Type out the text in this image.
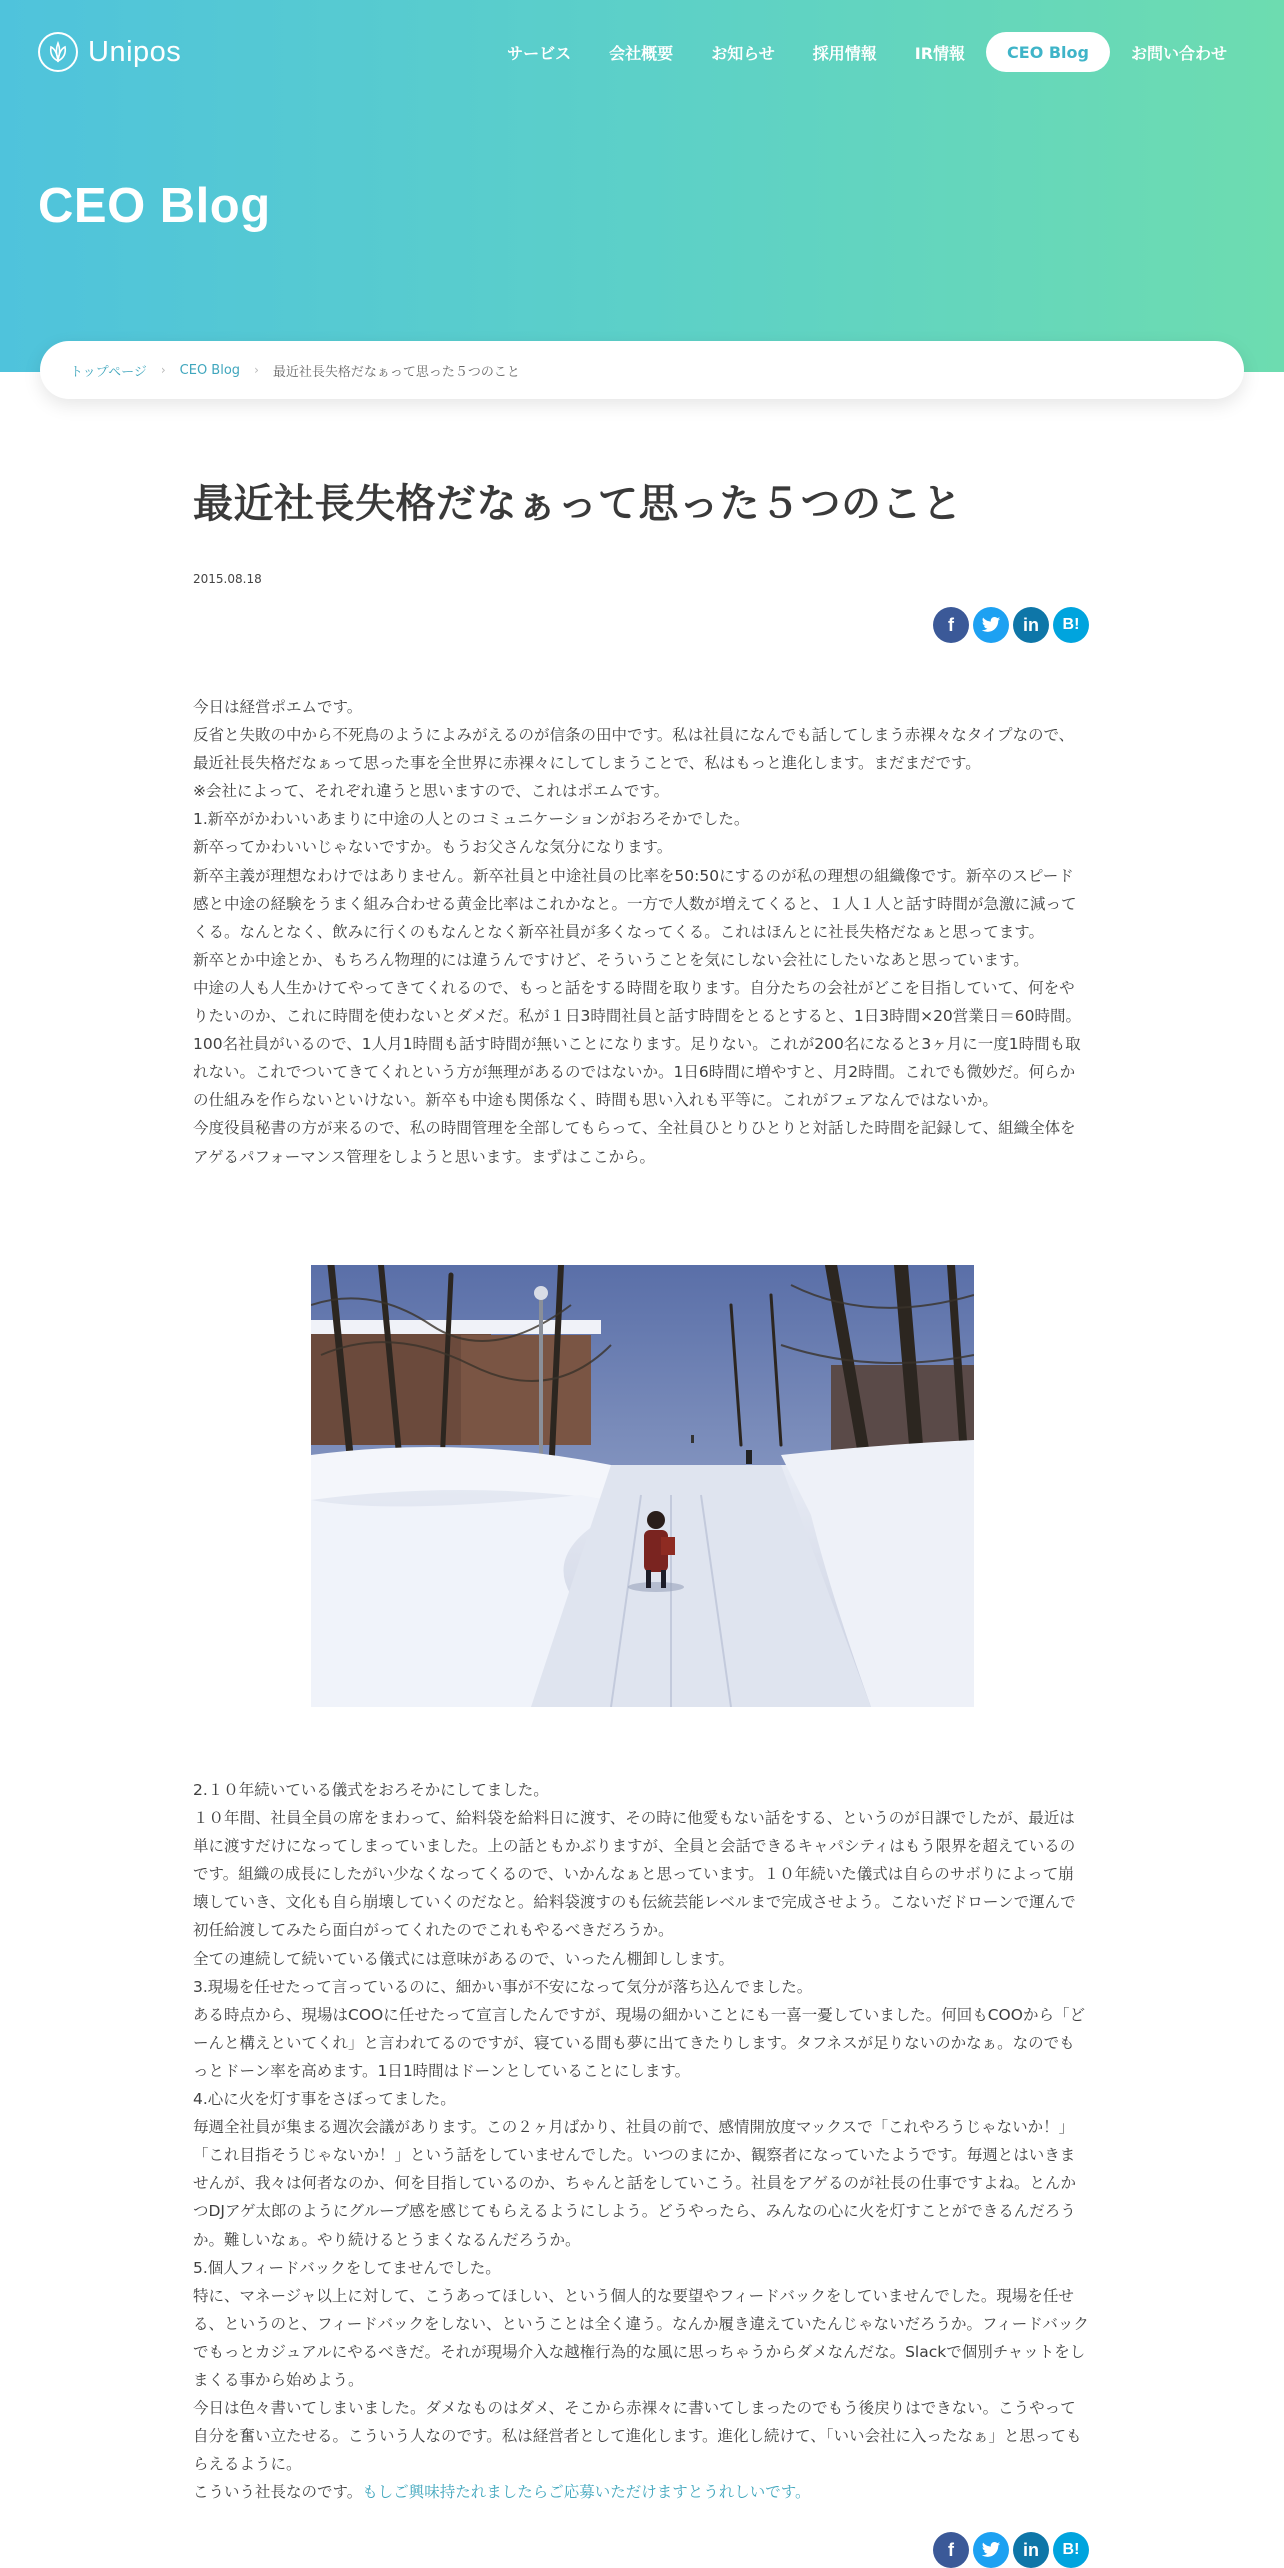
Unipos	サービス	会社概要	お知らせ	採用情報	IR情報	CEO Blog	お問い合わせ
CEO Blog
トップページ › CEO Blog › 最近社長失格だなぁって思った５つのこと
最近社長失格だなぁって思った５つのこと
2015.08.18
f	in B!

今日は経営ポエムです。

反省と失敗の中から不死鳥のようによみがえるのが信条の田中です。私は社員になんでも話してしまう赤裸々なタイプなので、最近社長失格だなぁって思った事を全世界に赤裸々にしてしまうことで、私はもっと進化します。まだまだです。

※会社によって、それぞれ違うと思いますので、これはポエムです。

1.新卒がかわいいあまりに中途の人とのコミュニケーションがおろそかでした。

新卒ってかわいいじゃないですか。もうお父さんな気分になります。

新卒主義が理想なわけではありません。新卒社員と中途社員の比率を50:50にするのが私の理想の組織像です。新卒のスピード感と中途の経験をうまく組み合わせる黄金比率はこれかなと。一方で人数が増えてくると、１人１人と話す時間が急激に減ってくる。なんとなく、飲みに行くのもなんとなく新卒社員が多くなってくる。これはほんとに社長失格だなぁと思ってます。

新卒とか中途とか、もちろん物理的には違うんですけど、そういうことを気にしない会社にしたいなあと思っています。

中途の人も人生かけてやってきてくれるので、もっと話をする時間を取ります。自分たちの会社がどこを目指していて、何をやりたいのか、これに時間を使わないとダメだ。私が１日3時間社員と話す時間をとるとすると、1日3時間×20営業日＝60時間。100名社員がいるので、1人月1時間も話す時間が無いことになります。足りない。これが200名になると3ヶ月に一度1時間も取れない。これでついてきてくれという方が無理があるのではないか。1日6時間に増やすと、月2時間。これでも微妙だ。何らかの仕組みを作らないといけない。新卒も中途も関係なく、時間も思い入れも平等に。これがフェアなんではないか。

今度役員秘書の方が来るので、私の時間管理を全部してもらって、全社員ひとりひとりと対話した時間を記録して、組織全体をアゲるパフォーマンス管理をしようと思います。まずはここから。

2.１０年続いている儀式をおろそかにしてました。

１０年間、社員全員の席をまわって、給料袋を給料日に渡す、その時に他愛もない話をする、というのが日課でしたが、最近は単に渡すだけになってしまっていました。上の話ともかぶりますが、全員と会話できるキャパシティはもう限界を超えているのです。組織の成長にしたがい少なくなってくるので、いかんなぁと思っています。１０年続いた儀式は自らのサボりによって崩壊していき、文化も自ら崩壊していくのだなと。給料袋渡すのも伝統芸能レベルまで完成させよう。こないだドローンで運んで初任給渡してみたら面白がってくれたのでこれもやるべきだろうか。

全ての連続して続いている儀式には意味があるので、いったん棚卸しします。

3.現場を任せたって言っているのに、細かい事が不安になって気分が落ち込んでました。

ある時点から、現場はCOOに任せたって宣言したんですが、現場の細かいことにも一喜一憂していました。何回もCOOから「どーんと構えといてくれ」と言われてるのですが、寝ている間も夢に出てきたりします。タフネスが足りないのかなぁ。なのでもっとドーン率を高めます。1日1時間はドーンとしていることにします。

4.心に火を灯す事をさぼってました。

毎週全社員が集まる週次会議があります。この２ヶ月ばかり、社員の前で、感情開放度マックスで「これやろうじゃないか！」「これ目指そうじゃないか！」という話をしていませんでした。いつのまにか、観察者になっていたようです。毎週とはいきませんが、我々は何者なのか、何を目指しているのか、ちゃんと話をしていこう。社員をアゲるのが社長の仕事ですよね。とんかつDJアゲ太郎のようにグルーブ感を感じてもらえるようにしよう。どうやったら、みんなの心に火を灯すことができるんだろうか。難しいなぁ。やり続けるとうまくなるんだろうか。

5.個人フィードバックをしてませんでした。

特に、マネージャ以上に対して、こうあってほしい、という個人的な要望やフィードバックをしていませんでした。現場を任せる、というのと、フィードバックをしない、ということは全く違う。なんか履き違えていたんじゃないだろうか。フィードバックでもっとカジュアルにやるべきだ。それが現場介入な越権行為的な風に思っちゃうからダメなんだな。Slackで個別チャットをしまくる事から始めよう。

今日は色々書いてしまいました。ダメなものはダメ、そこから赤裸々に書いてしまったのでもう後戻りはできない。こうやって自分を奮い立たせる。こういう人なのです。私は経営者として進化します。進化し続けて、「いい会社に入ったなぁ」と思ってもらえるように。

こういう社長なのです。もしご興味持たれましたらご応募いただけますとうれしいです。

f	in B!
